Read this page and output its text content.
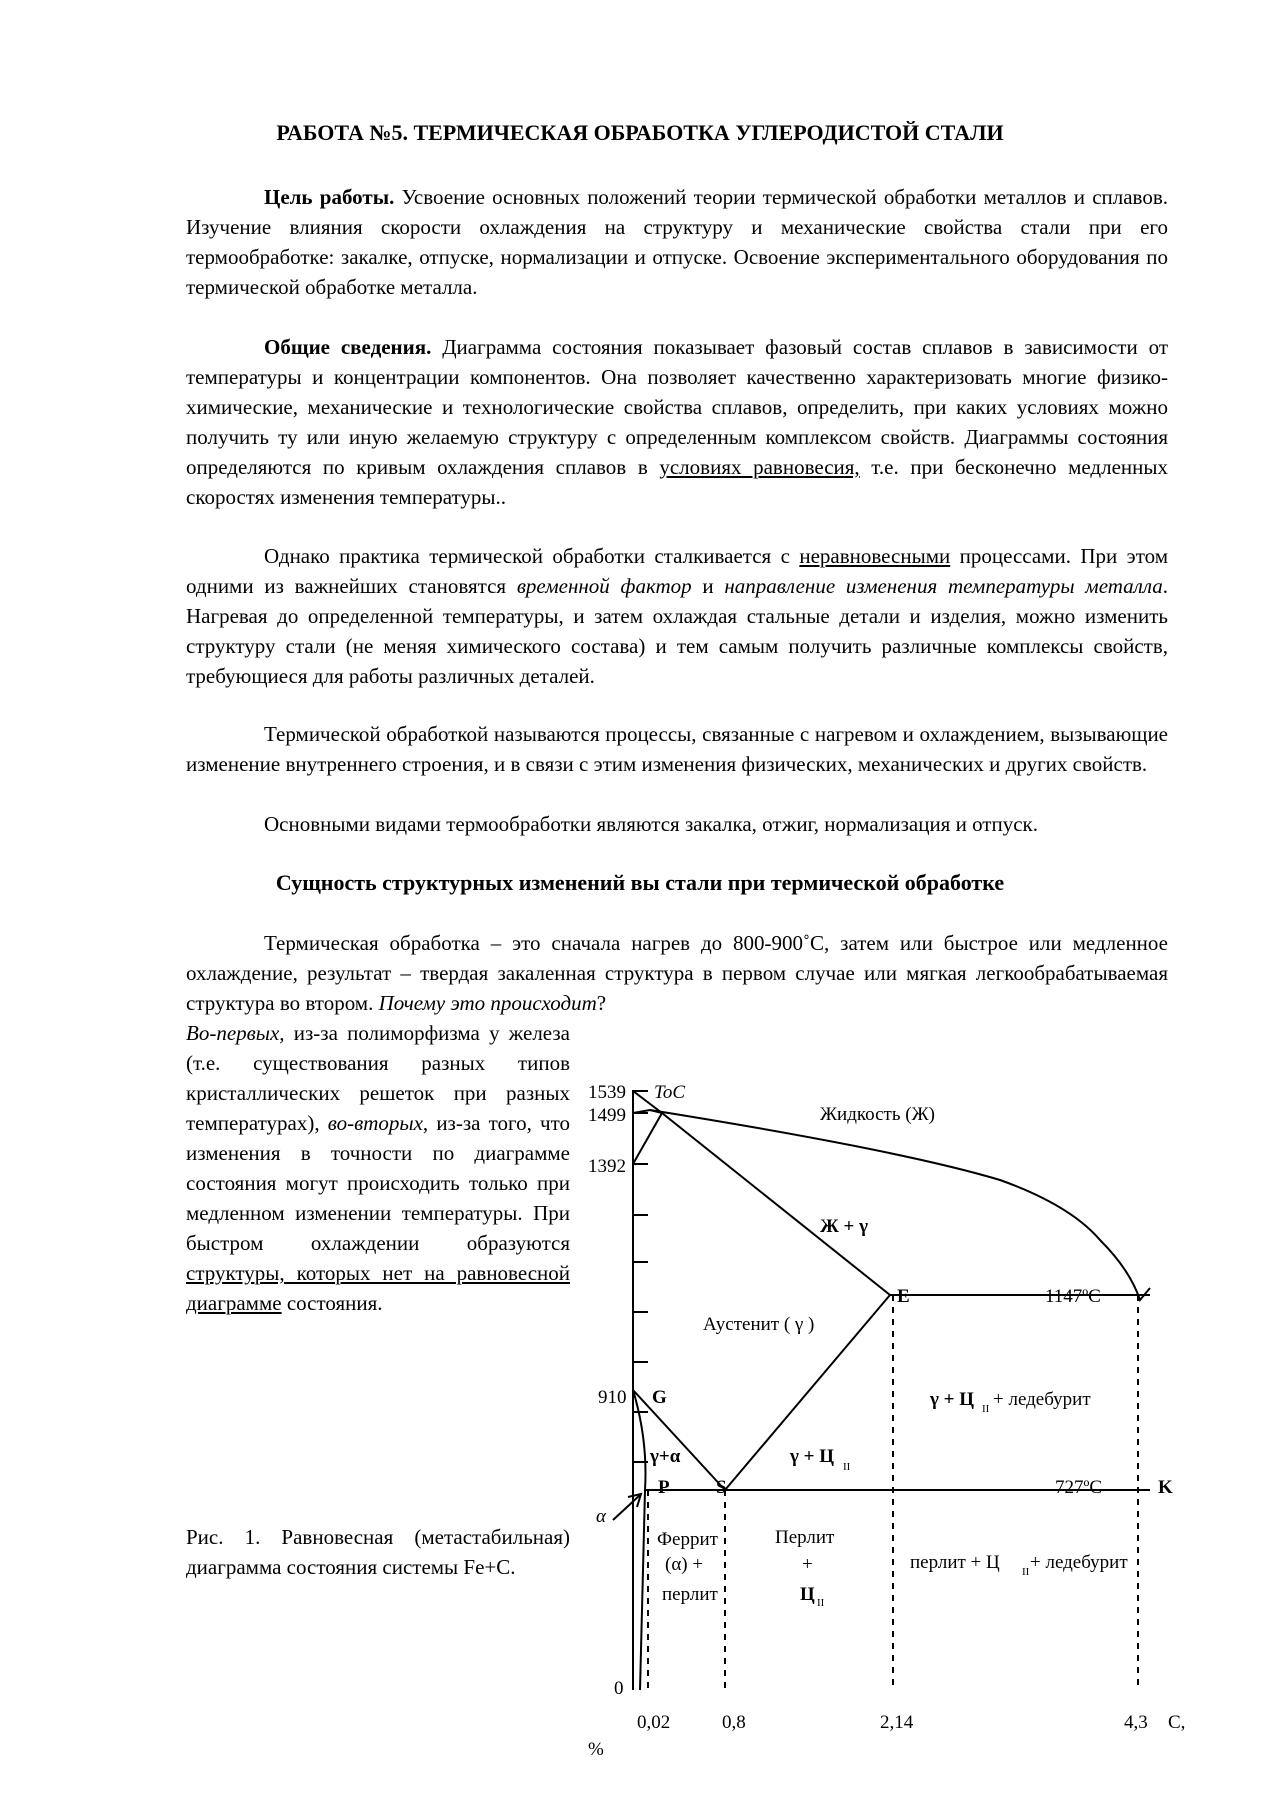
РАБОТА №5. ТЕРМИЧЕСКАЯ ОБРАБОТКА УГЛЕРОДИСТОЙ СТАЛИ
Цель работы. Усвоение основных положений теории термической обработки металлов и сплавов. Изучение влияния скорости охлаждения на структуру и механические свойства стали при его термообработке: закалке, отпуске, нормализации и отпуске. Освоение экспериментального оборудования по термической обработке металла.
Общие сведения. Диаграмма состояния показывает фазовый состав сплавов в зависимости от температуры и концентрации компонентов. Она позволяет качественно характеризовать многие физико-химические, механические и технологические свойства сплавов, определить, при каких условиях можно получить ту или иную желаемую структуру с определенным комплексом свойств. Диаграммы состояния определяются по кривым охлаждения сплавов в условиях равновесия, т.е. при бесконечно медленных скоростях изменения температуры..
Однако практика термической обработки сталкивается с неравновесными процессами. При этом одними из важнейших становятся временной фактор и направление изменения температуры металла. Нагревая до определенной температуры, и затем охлаждая стальные детали и изделия, можно изменить структуру стали (не меняя химического состава) и тем самым получить различные комплексы свойств, требующиеся для работы различных деталей.
Термической обработкой называются процессы, связанные с нагревом и охлаждением, вызывающие изменение внутреннего строения, и в связи с этим изменения физических, механических и других свойств.
Основными видами термообработки являются закалка, отжиг, нормализация и отпуск.
Сущность структурных изменений вы стали при термической обработке
Термическая обработка – это сначала нагрев до 800-900˚С, затем или быстрое или медленное охлаждение, результат – твердая закаленная структура в первом случае или мягкая легкообрабатываемая структура во втором. Почему это происходит?
Во-первых, из-за полиморфизма у железа (т.е. существования разных типов кристаллических решеток при разных температурах), во-вторых, из-за того, что изменения в точности по диаграмме состояния могут происходить только при медленном изменении температуры. При быстром охлаждении образуются структуры, которых нет на равновесной диаграмме состояния.
Рис. 1. Равновесная (метастабильная) диаграмма состояния системы Fe+C.
1539
1499
1392
910
0
ToC
Жидкость (Ж)
Ж + γ
Аустенит ( γ )
γ+α	γ + Ц II
γ + Ц II + ледебурит
α
Феррит
(α) +
перлит
Перлит
+
Ц II
перлит + Ц II + ледебурит
E
G
P S	K
1147ºС
727ºС
0,02	0,8	2,14	4,3 С,
%
